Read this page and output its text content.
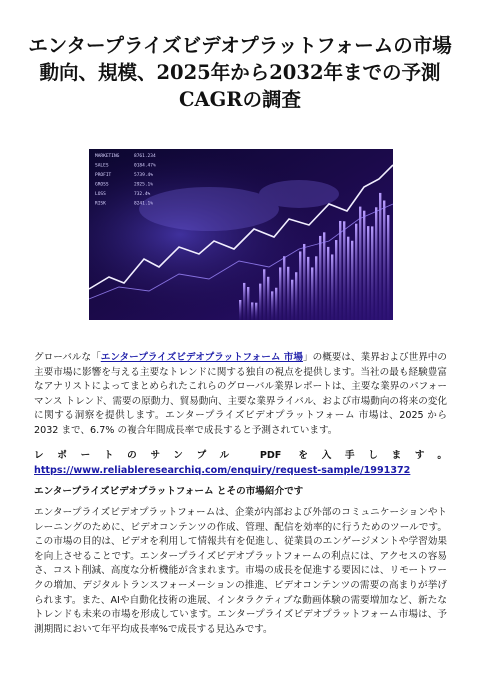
エンタープライズビデオプラットフォームの市場動向、規模、2025年から2032年までの予測CAGRの調査
MARKETING	8761.234
SALES	0184.47%
PROFIT	5739.4%
GROSS	2925.1%
LOSS	732.4%
RISK	8241.1%

グローバルな「エンタープライズビデオプラットフォーム 市場」の概要は、業界および世界中の主要市場に影響を与える主要なトレンドに関する独自の視点を提供します。当社の最も経験豊富なアナリストによってまとめられたこれらのグローバル業界レポートは、主要な業界のパフォーマンス トレンド、需要の原動力、貿易動向、主要な業界ライバル、および市場動向の将来の変化に関する洞察を提供します。エンタープライズビデオプラットフォーム 市場は、2025 から 2032 まで、6.7% の複合年間成長率で成長すると予測されています。

レポートのサンプル PDF を入手します。 https://www.reliableresearchiq.com/enquiry/request-sample/1991372

エンタープライズビデオプラットフォーム とその市場紹介です

エンタープライズビデオプラットフォームは、企業が内部および外部のコミュニケーションやトレーニングのために、ビデオコンテンツの作成、管理、配信を効率的に行うためのツールです。この市場の目的は、ビデオを利用して情報共有を促進し、従業員のエンゲージメントや学習効果を向上させることです。エンタープライズビデオプラットフォームの利点には、アクセスの容易さ、コスト削減、高度な分析機能が含まれます。市場の成長を促進する要因には、リモートワークの増加、デジタルトランスフォーメーションの推進、ビデオコンテンツの需要の高まりが挙げられます。また、AIや自動化技術の進展、インタラクティブな動画体験の需要増加など、新たなトレンドも未来の市場を形成しています。エンタープライズビデオプラットフォーム市場は、予測期間において年平均成長率%で成長する見込みです。
